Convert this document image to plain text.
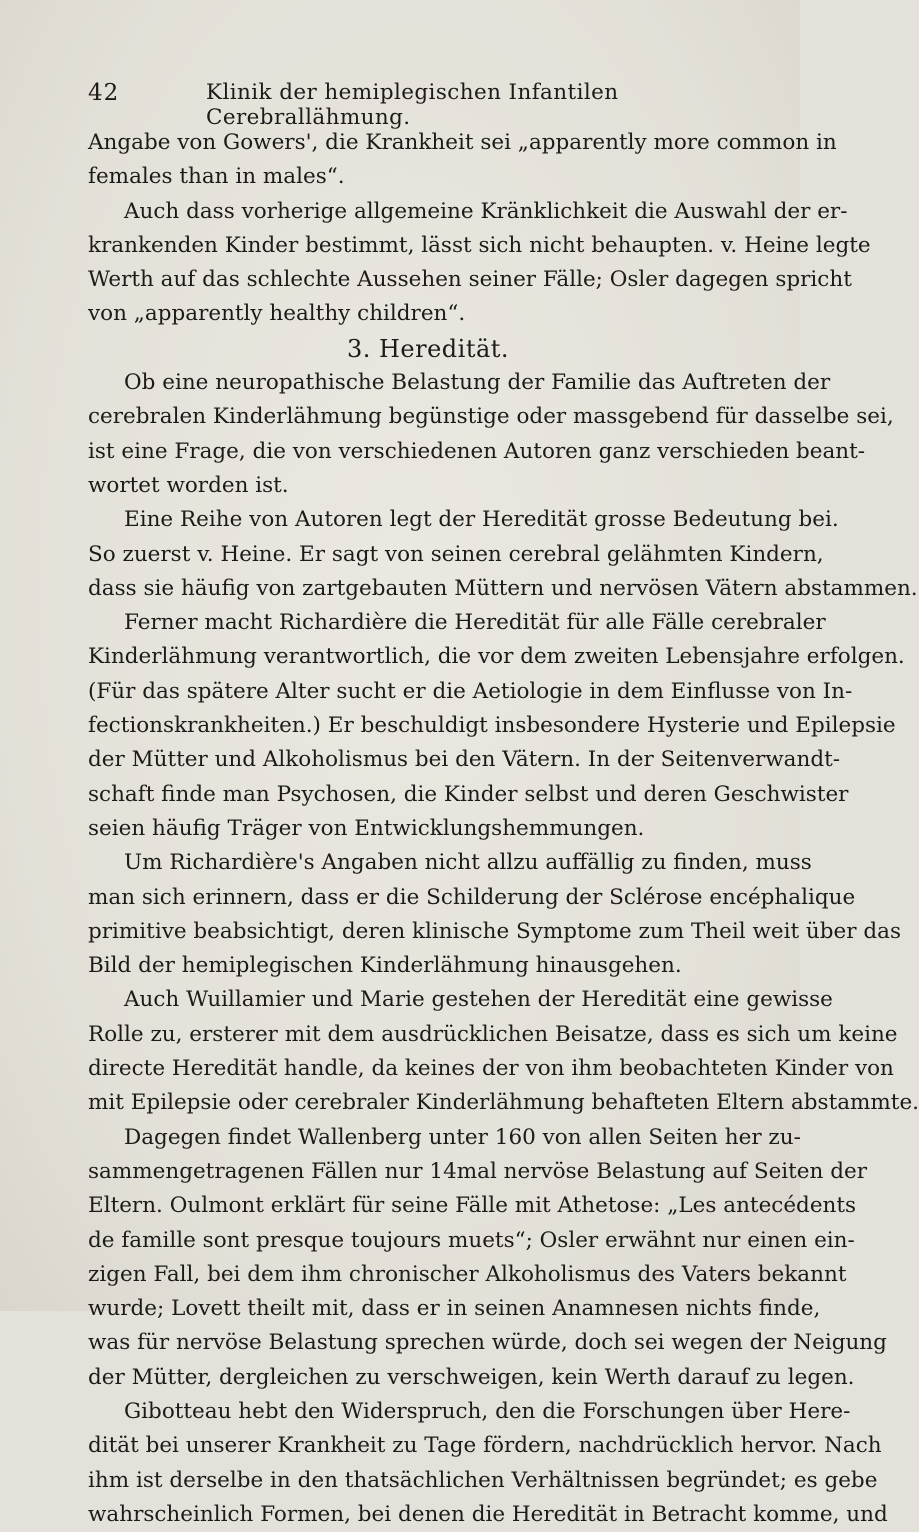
42	Klinik der hemiplegischen Infantilen Cerebrallähmung.
Angabe von Gowers', die Krankheit sei „apparently more common in
females than in males“.
Auch dass vorherige allgemeine Kränklichkeit die Auswahl der er-
krankenden Kinder bestimmt, lässt sich nicht behaupten. v. Heine legte
Werth auf das schlechte Aussehen seiner Fälle; Osler dagegen spricht
von „apparently healthy children“.
3. Heredität.
Ob eine neuropathische Belastung der Familie das Auftreten der
cerebralen Kinderlähmung begünstige oder massgebend für dasselbe sei,
ist eine Frage, die von verschiedenen Autoren ganz verschieden beant-
wortet worden ist.
Eine Reihe von Autoren legt der Heredität grosse Bedeutung bei.
So zuerst v. Heine. Er sagt von seinen cerebral gelähmten Kindern,
dass sie häufig von zartgebauten Müttern und nervösen Vätern abstammen.
Ferner macht Richardière die Heredität für alle Fälle cerebraler
Kinderlähmung verantwortlich, die vor dem zweiten Lebensjahre erfolgen.
(Für das spätere Alter sucht er die Aetiologie in dem Einflusse von In-
fectionskrankheiten.) Er beschuldigt insbesondere Hysterie und Epilepsie
der Mütter und Alkoholismus bei den Vätern. In der Seitenverwandt-
schaft finde man Psychosen, die Kinder selbst und deren Geschwister
seien häufig Träger von Entwicklungshemmungen.
Um Richardière's Angaben nicht allzu auffällig zu finden, muss
man sich erinnern, dass er die Schilderung der Sclérose encéphalique
primitive beabsichtigt, deren klinische Symptome zum Theil weit über das
Bild der hemiplegischen Kinderlähmung hinausgehen.
Auch Wuillamier und Marie gestehen der Heredität eine gewisse
Rolle zu, ersterer mit dem ausdrücklichen Beisatze, dass es sich um keine
directe Heredität handle, da keines der von ihm beobachteten Kinder von
mit Epilepsie oder cerebraler Kinderlähmung behafteten Eltern abstammte.
Dagegen findet Wallenberg unter 160 von allen Seiten her zu-
sammengetragenen Fällen nur 14mal nervöse Belastung auf Seiten der
Eltern. Oulmont erklärt für seine Fälle mit Athetose: „Les antecédents
de famille sont presque toujours muets“; Osler erwähnt nur einen ein-
zigen Fall, bei dem ihm chronischer Alkoholismus des Vaters bekannt
wurde; Lovett theilt mit, dass er in seinen Anamnesen nichts finde,
was für nervöse Belastung sprechen würde, doch sei wegen der Neigung
der Mütter, dergleichen zu verschweigen, kein Werth darauf zu legen.
Gibotteau hebt den Widerspruch, den die Forschungen über Here-
dität bei unserer Krankheit zu Tage fördern, nachdrücklich hervor. Nach
ihm ist derselbe in den thatsächlichen Verhältnissen begründet; es gebe
wahrscheinlich Formen, bei denen die Heredität in Betracht komme, und
